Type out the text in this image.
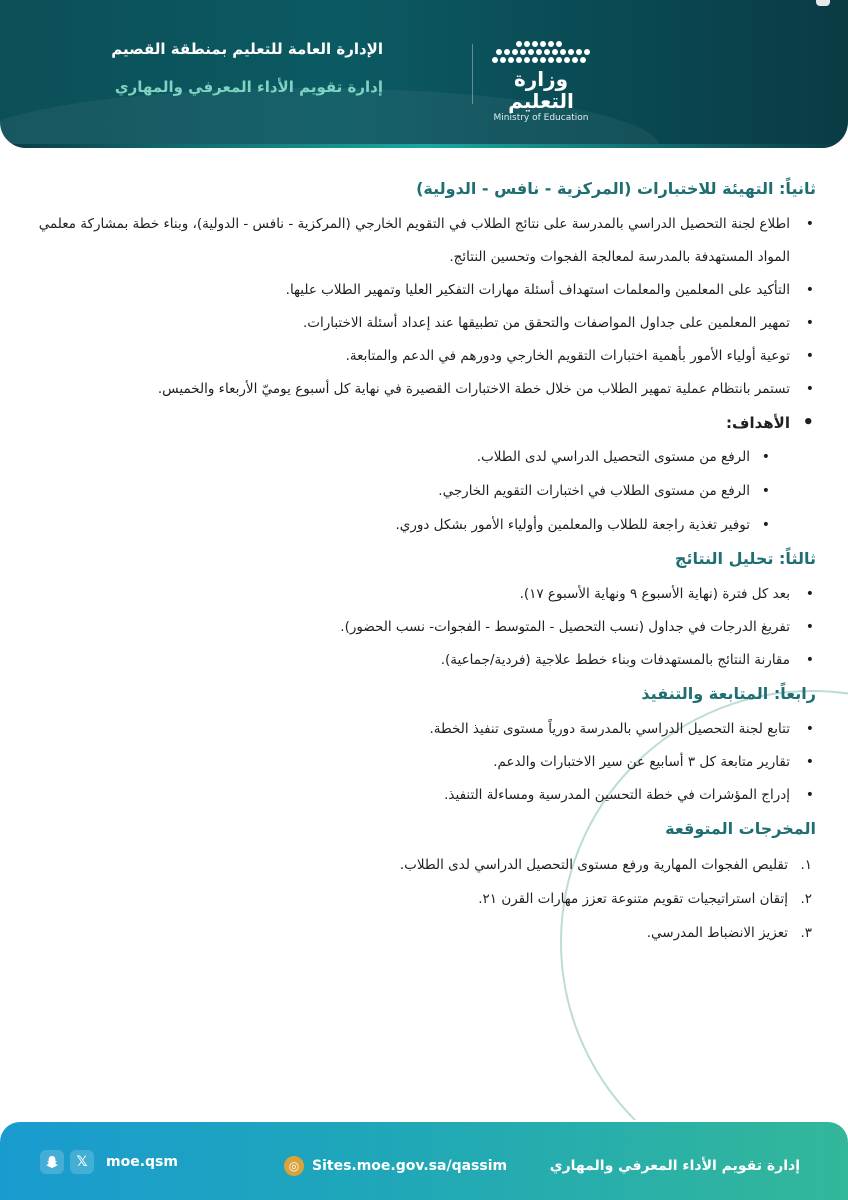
وزارة التعليم
Ministry of Education
الإدارة العامة للتعليم بمنطقة القصيم
إدارة تقويم الأداء المعرفي والمهاري
ثانياً: التهيئة للاختبارات (المركزية - نافس - الدولية)
• اطلاع لجنة التحصيل الدراسي بالمدرسة على نتائج الطلاب في التقويم الخارجي (المركزية - نافس - الدولية)، وبناء خطة بمشاركة معلمي المواد المستهدفة بالمدرسة لمعالجة الفجوات وتحسين النتائج.
• التأكيد على المعلمين والمعلمات استهداف أسئلة مهارات التفكير العليا وتمهير الطلاب عليها.
• تمهير المعلمين على جداول المواصفات والتحقق من تطبيقها عند إعداد أسئلة الاختبارات.
• توعية أولياء الأمور بأهمية اختبارات التقويم الخارجي ودورهم في الدعم والمتابعة.
• تستمر بانتظام عملية تمهير الطلاب من خلال خطة الاختبارات القصيرة في نهاية كل أسبوع يوميّ الأربعاء والخميس.
• الأهداف:
• الرفع من مستوى التحصيل الدراسي لدى الطلاب.
• الرفع من مستوى الطلاب في اختبارات التقويم الخارجي.
• توفير تغذية راجعة للطلاب والمعلمين وأولياء الأمور بشكل دوري.
ثالثاً: تحليل النتائج
• بعد كل فترة (نهاية الأسبوع ٩ ونهاية الأسبوع ١٧).
• تفريغ الدرجات في جداول (نسب التحصيل - المتوسط - الفجوات- نسب الحضور).
• مقارنة النتائج بالمستهدفات وبناء خطط علاجية (فردية/جماعية).
رابعاً: المتابعة والتنفيذ
• تتابع لجنة التحصيل الدراسي بالمدرسة دورياً مستوى تنفيذ الخطة.
• تقارير متابعة كل ٣ أسابيع عن سير الاختبارات والدعم.
• إدراج المؤشرات في خطة التحسين المدرسية ومساءلة التنفيذ.
المخرجات المتوقعة
١.
تقليص الفجوات المهارية ورفع مستوى التحصيل الدراسي لدى الطلاب.
٢.
إتقان استراتيجيات تقويم متنوعة تعزز مهارات القرن ٢١.
٣.
تعزيز الانضباط المدرسي.
إدارة تقويم الأداء المعرفي والمهاري
◎ Sites.moe.gov.sa/qassim
𝕏	moe.qsm
